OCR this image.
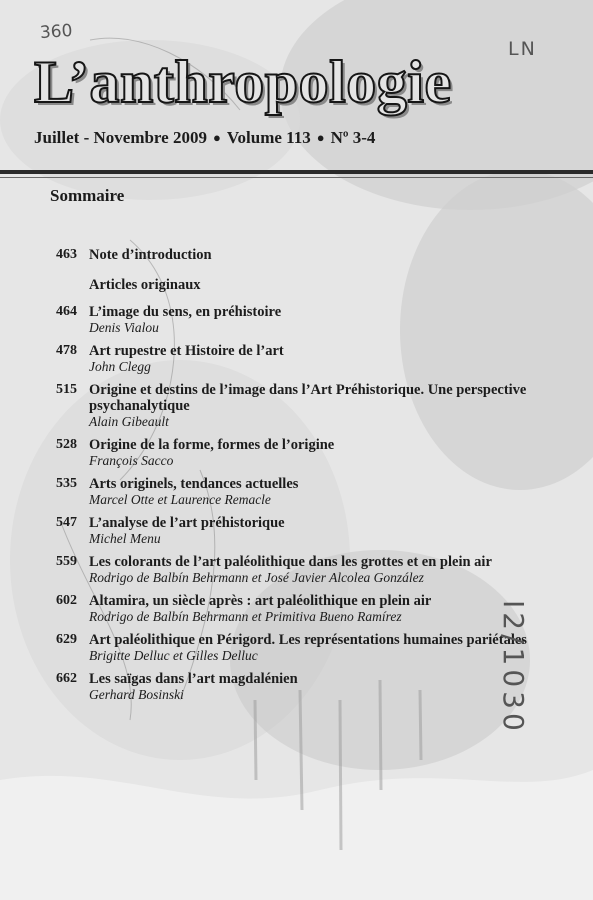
360
LN
L’anthropologie

Juillet - Novembre 2009 ● Volume 113 ● Nº 3-4

Sommaire
463 Note d’introduction
Articles originaux
464 L’image du sens, en préhistoire
Denis Vialou
478 Art rupestre et Histoire de l’art
John Clegg
515 Origine et destins de l’image dans l’Art Préhistorique. Une perspective psychanalytique
Alain Gibeault
528 Origine de la forme, formes de l’origine
François Sacco
535 Arts originels, tendances actuelles
Marcel Otte et Laurence Remacle
547 L’analyse de l’art préhistorique
Michel Menu
559 Les colorants de l’art paléolithique dans les grottes et en plein air
Rodrigo de Balbín Behrmann et José Javier Alcolea González
602 Altamira, un siècle après : art paléolithique en plein air
Rodrigo de Balbín Behrmann et Primitiva Bueno Ramírez
629 Art paléolithique en Périgord. Les représentations humaines pariétales
Brigitte Delluc et Gilles Delluc
662 Les saïgas dans l’art magdalénien
Gerhard Bosinski	I2/1030
